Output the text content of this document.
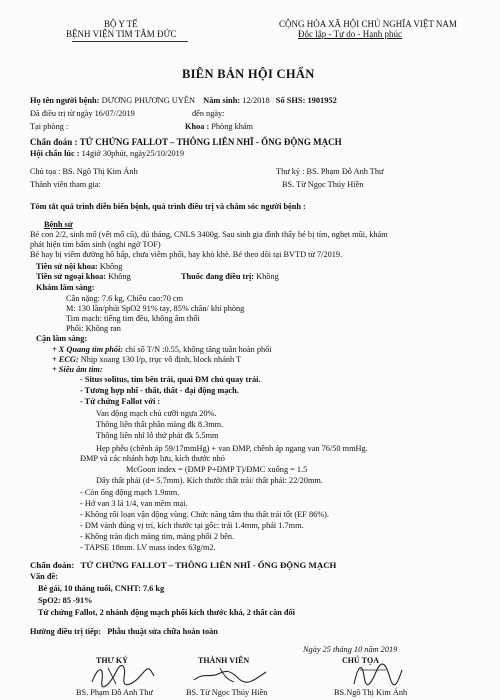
BỘ Y TẾ
BỆNH VIỆN TIM TÂM ĐỨC
CỘNG HÒA XÃ HỘI CHỦ NGHĨA VIỆT NAM
Độc lập - Tự do - Hạnh phúc
BIÊN BẢN HỘI CHẨN
Họ tên người bệnh: DƯƠNG PHƯƠNG UYÊN Năm sinh: 12/2018 Số SHS: 1901952
Đã điều trị từ ngày 16/07//2019	đến ngày:
Tại phòng :	Khoa : Phòng khám
Chẩn đoán : TỨ CHỨNG FALLOT – THÔNG LIÊN NHĨ - ỐNG ĐỘNG MẠCH
Hội chẩn lúc : 14giờ 30phút, ngày25/10/2019
Chủ tọa : BS. Ngô Thị Kim Ánh	Thư ký : BS. Phạm Đỗ Anh Thư
Thành viên tham gia:	BS. Từ Ngọc Thúy Hiền
Tóm tắt quá trình diễn biến bệnh, quá trình điều trị và chăm sóc người bệnh :
Bệnh sử
Bé con 2/2, sinh mổ (vết mổ cũ), đủ tháng, CNLS 3400g. Sau sinh gia đình thấy bé bị tím, nghẹt mũi, khám
phát hiện tim bẩm sinh (nghi ngờ TOF)
Bé hay bị viêm đường hô hấp, chưa viêm phổi, hay khò khè. Bé theo dõi tại BVTD từ 7/2019.
Tiền sử nội khoa: Không
Tiền sử ngoại khoa: Không	Thuốc đang điều trị: Không
Khám lâm sàng:
Cân nặng: 7.6 kg, Chiều cao:70 cm
M: 130 lần/phút SpO2 91% tay, 85% chân/ khí phòng
Tim mạch: tiếng tim đều, không âm thổi
Phổi: Không ran
Cận lâm sàng:
+ X Quang tim phổi: chỉ số T/N :0.55, không tăng tuần hoàn phổi
+ ECG: Nhịp xoang 130 l/p, trục vô định, block nhánh T
+ Siêu âm tim:
- Situs solitus, tim bên trái, quai ĐM chủ quay trái.
- Tương hợp nhĩ - thất, thất - đại động mạch.
- Tứ chứng Fallot với :
Van động mạch chủ cưỡi ngựa 20%.
Thông liên thất phần màng đk 8.3mm.
Thông liên nhĩ lỗ thứ phát đk 5.5mm
Hẹp phễu (chênh áp 59/17mmHg) + van ĐMP, chênh áp ngang van 76/50 mmHg.
ĐMP và các nhánh hợp lưu, kích thước nhỏ
McGoon index = (ĐMP P+ĐMP T)/ĐMC xuống = 1.5
Dây thất phải (d= 5.7mm). Kích thước thất trái/ thất phải: 22/20mm.
- Còn ống động mạch 1.9mm.
- Hở van 3 lá 1/4, van mềm mại.
- Không rối loạn vận động vùng. Chức năng tâm thu thất trái tốt (EF 86%).
- ĐM vành đúng vị trí, kích thước tại gốc: trái 1.4mm, phải 1.7mm.
- Không tràn dịch màng tim, màng phổi 2 bên.
- TAPSE 18mm. LV mass index 63g/m2.
Chẩn đoán: TỨ CHỨNG FALLOT – THÔNG LIÊN NHĨ - ỐNG ĐỘNG MẠCH
Vấn đề:
Bé gái, 10 tháng tuổi, CNHT: 7.6 kg
SpO2: 85 -91%
Tứ chứng Fallot, 2 nhánh động mạch phổi kích thước khá, 2 thất cân đối
Hướng điều trị tiếp: Phẫu thuật sửa chữa hoàn toàn
Ngày 25 tháng 10 năm 2019
THƯ KÝ	THÀNH VIÊN	CHỦ TỌA
BS. Phạm Đỗ Anh Thư	BS. Từ Ngọc Thúy Hiền	BS.Ngô Thị Kim Ánh
